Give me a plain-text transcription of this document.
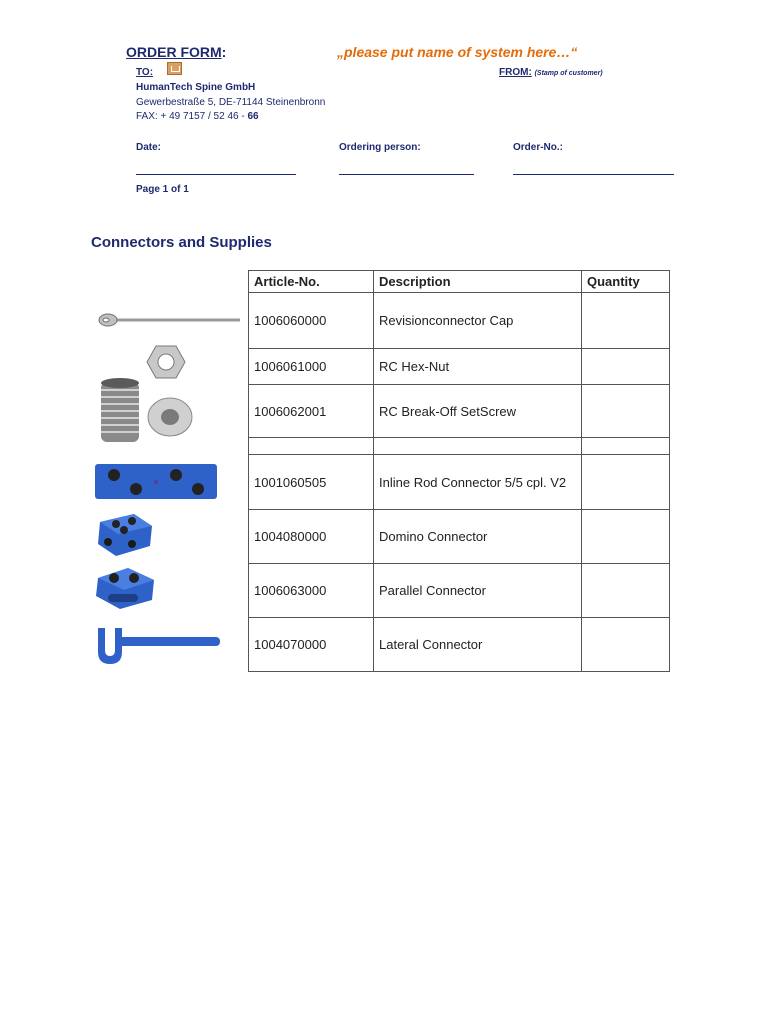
ORDER FORM:	„please put name of system here…“
TO:	FROM: (Stamp of customer)
HumanTech Spine GmbH
Gewerbestraße 5, DE-71144 Steinenbronn
FAX: + 49 7157 / 52 46 - 66
Date:	Ordering person:	Order-No.:
Page 1 of 1
Connectors and Supplies
Article-No.	Description	Quantity
1006060000	Revisionconnector Cap	
1006061000	RC Hex-Nut	
1006062001	RC Break-Off SetScrew	

1001060505	Inline Rod Connector 5/5 cpl. V2	
1004080000	Domino Connector	
1006063000	Parallel Connector	
1004070000	Lateral Connector	
